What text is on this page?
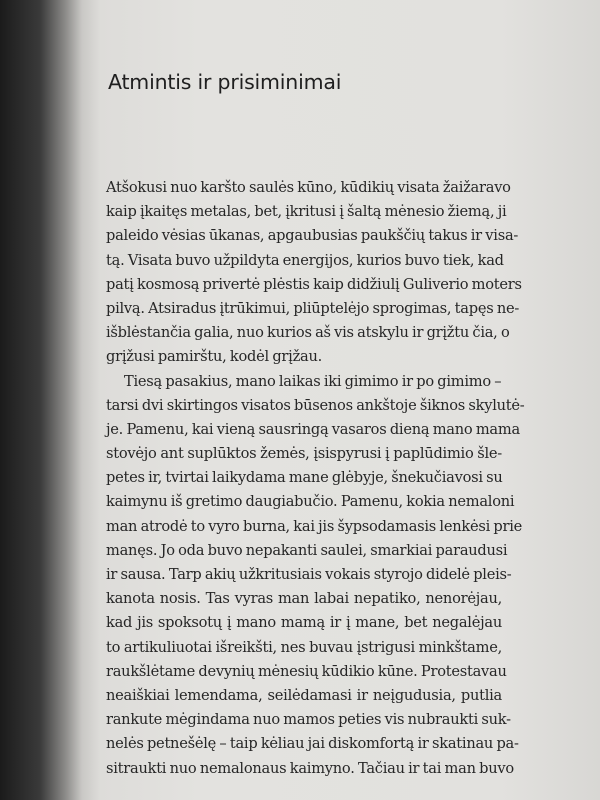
Atmintis ir prisiminimai
Atšokusi nuo karšto saulės kūno, kūdikių visata žaižaravo
kaip įkaitęs metalas, bet, įkritusi į šaltą mėnesio žiemą, ji
paleido vėsias ūkanas, apgaubusias paukščių takus ir visa-
tą. Visata buvo užpildyta energijos, kurios buvo tiek, kad
patį kosmosą privertė plėstis kaip didžiulį Guliverio moters
pilvą. Atsiradus įtrūkimui, pliūptelėjo sprogimas, tapęs ne-
išblėstančia galia, nuo kurios aš vis atskylu ir grįžtu čia, o
grįžusi pamirštu, kodėl grįžau.
Tiesą pasakius, mano laikas iki gimimo ir po gimimo –
tarsi dvi skirtingos visatos būsenos ankštoje šiknos skylutė-
je. Pamenu, kai vieną sausringą vasaros dieną mano mama
stovėjo ant suplūktos žemės, įsispyrusi į paplūdimio šle-
petes ir, tvirtai laikydama mane glėbyje, šnekučiavosi su
kaimynu iš gretimo daugiabučio. Pamenu, kokia nemaloni
man atrodė to vyro burna, kai jis šypsodamasis lenkėsi prie
manęs. Jo oda buvo nepakanti saulei, smarkiai paraudusi
ir sausa. Tarp akių užkritusiais vokais styrojo didelė pleis-
kanota nosis. Tas vyras man labai nepatiko, nenorėjau,
kad jis spoksotų į mano mamą ir į mane, bet negalėjau
to artikuliuotai išreikšti, nes buvau įstrigusi minkštame,
raukšlėtame devynių mėnesių kūdikio kūne. Protestavau
neaiškiai lemendama, seilėdamasi ir neįgudusia, putlia
rankute mėgindama nuo mamos peties vis nubraukti suk-
nelės petnešėlę – taip kėliau jai diskomfortą ir skatinau pa-
sitraukti nuo nemalonaus kaimyno. Tačiau ir tai man buvo
